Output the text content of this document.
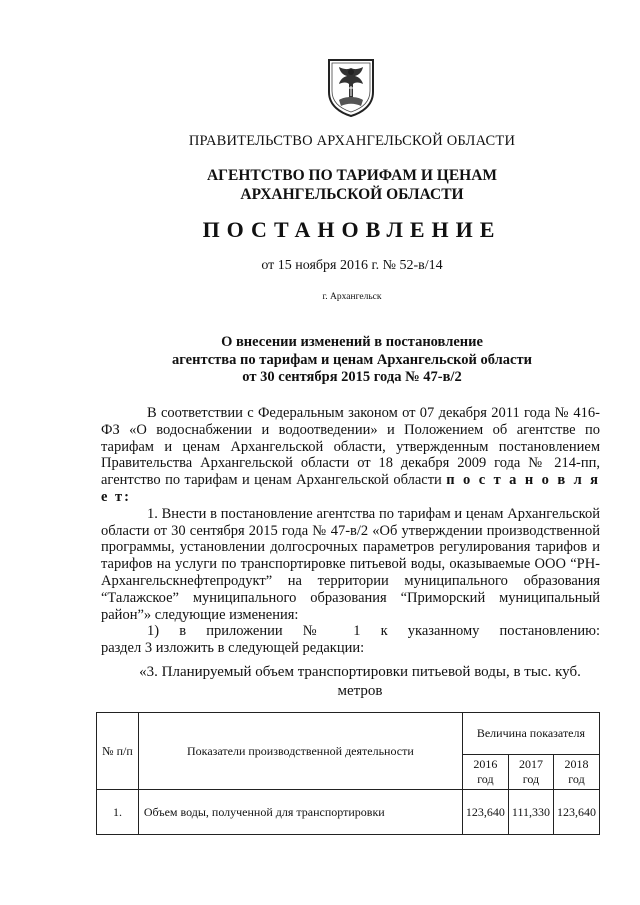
ПРАВИТЕЛЬСТВО АРХАНГЕЛЬСКОЙ ОБЛАСТИ
АГЕНТСТВО ПО ТАРИФАМ И ЦЕНАМ
АРХАНГЕЛЬСКОЙ ОБЛАСТИ
ПОСТАНОВЛЕНИЕ
от 15 ноября 2016 г. № 52-в/14
г. Архангельск
О внесении изменений в постановление
агентства по тарифам и ценам Архангельской области
от 30 сентября 2015 года № 47-в/2

В соответствии с Федеральным законом от 07 декабря 2011 года № 416-ФЗ «О водоснабжении и водоотведении» и Положением об агентстве по тарифам и ценам Архангельской области, утвержденным постановлением Правительства Архангельской области от 18 декабря 2009 года № 214-пп, агентство по тарифам и ценам Архангельской области п о с т а н о в л я е т:

1. Внести в постановление агентства по тарифам и ценам Архангельской области от 30 сентября 2015 года № 47-в/2 «Об утверждении производственной программы, установлении долгосрочных параметров регулирования тарифов и тарифов на услуги по транспортировке питьевой воды, оказываемые ООО “РН-Архангельскнефтепродукт” на территории муниципального образования “Талажское” муниципального образования “Приморский муниципальный район”» следующие изменения:

1) в приложении № 1 к указанному постановлению:

раздел 3 изложить в следующей редакции:

«3. Планируемый объем транспортировки питьевой воды, в тыс. куб. метров
№ п/п	Показатели производственной деятельности	Величина показателя		
		2016 год	2017 год	2018 год
1.	Объем воды, полученной для транспортировки	123,640	111,330	123,640
